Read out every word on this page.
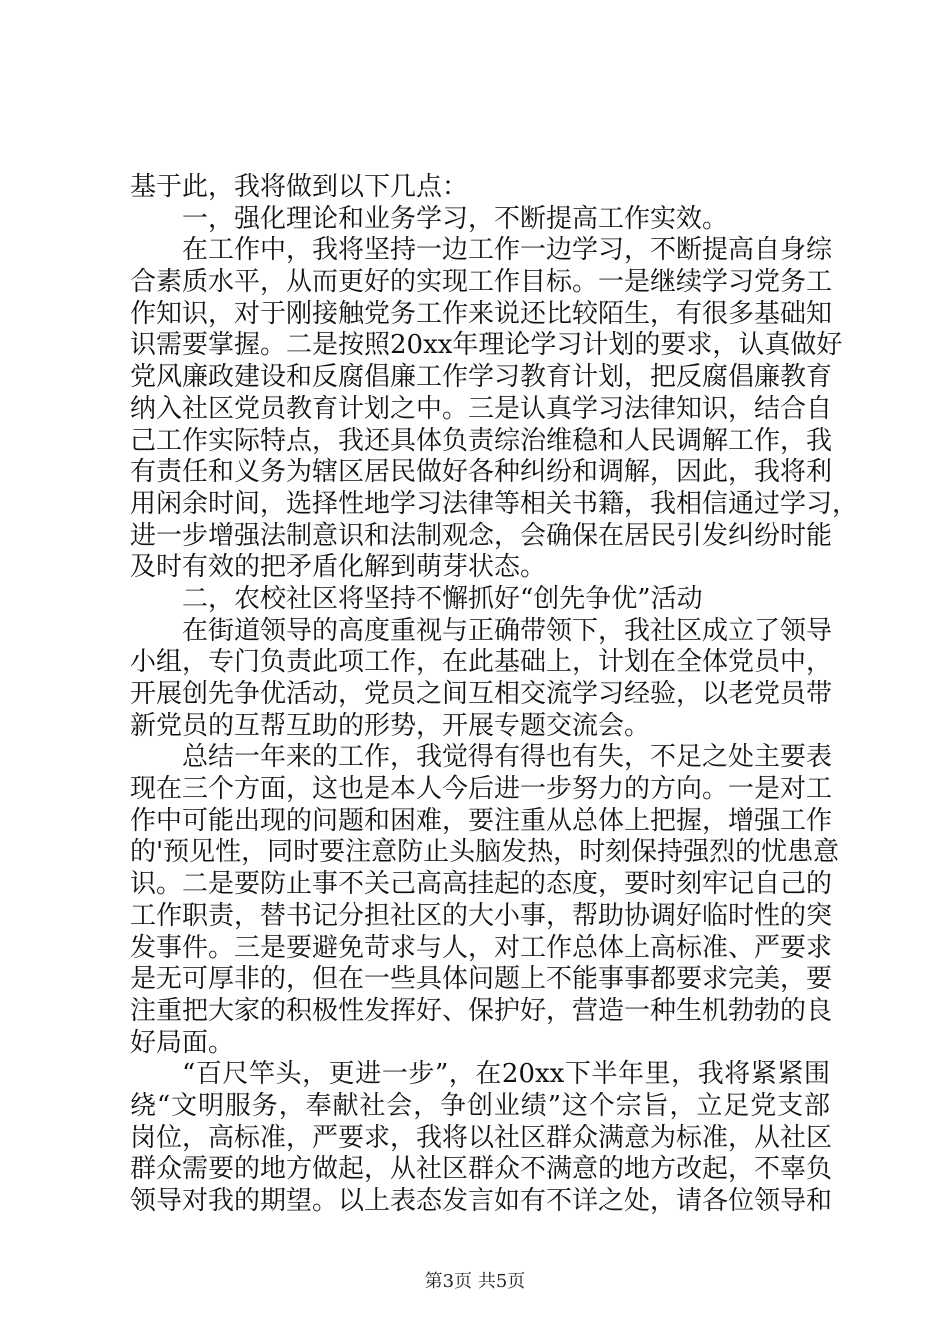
基于此，我将做到以下几点：
一，强化理论和业务学习，不断提高工作实效。
在工作中，我将坚持一边工作一边学习，不断提高自身综
合素质水平，从而更好的实现工作目标。一是继续学习党务工
作知识，对于刚接触党务工作来说还比较陌生，有很多基础知
识需要掌握。二是按照20xx年理论学习计划的要求，认真做好
党风廉政建设和反腐倡廉工作学习教育计划，把反腐倡廉教育
纳入社区党员教育计划之中。三是认真学习法律知识，结合自
己工作实际特点，我还具体负责综治维稳和人民调解工作，我
有责任和义务为辖区居民做好各种纠纷和调解，因此，我将利
用闲余时间，选择性地学习法律等相关书籍，我相信通过学习，
进一步增强法制意识和法制观念，会确保在居民引发纠纷时能
及时有效的把矛盾化解到萌芽状态。
二，农校社区将坚持不懈抓好“创先争优”活动
在街道领导的高度重视与正确带领下，我社区成立了领导
小组，专门负责此项工作，在此基础上，计划在全体党员中，
开展创先争优活动，党员之间互相交流学习经验，以老党员带
新党员的互帮互助的形势，开展专题交流会。
总结一年来的工作，我觉得有得也有失，不足之处主要表
现在三个方面，这也是本人今后进一步努力的方向。一是对工
作中可能出现的问题和困难，要注重从总体上把握，增强工作
的'预见性，同时要注意防止头脑发热，时刻保持强烈的忧患意
识。二是要防止事不关己高高挂起的态度，要时刻牢记自己的
工作职责，替书记分担社区的大小事，帮助协调好临时性的突
发事件。三是要避免苛求与人，对工作总体上高标准、严要求
是无可厚非的，但在一些具体问题上不能事事都要求完美，要
注重把大家的积极性发挥好、保护好，营造一种生机勃勃的良
好局面。
“百尺竿头，更进一步”，在20xx下半年里，我将紧紧围
绕“文明服务，奉献社会，争创业绩”这个宗旨，立足党支部
岗位，高标准，严要求，我将以社区群众满意为标准，从社区
群众需要的地方做起，从社区群众不满意的地方改起，不辜负
领导对我的期望。以上表态发言如有不详之处，请各位领导和
第3页 共5页
